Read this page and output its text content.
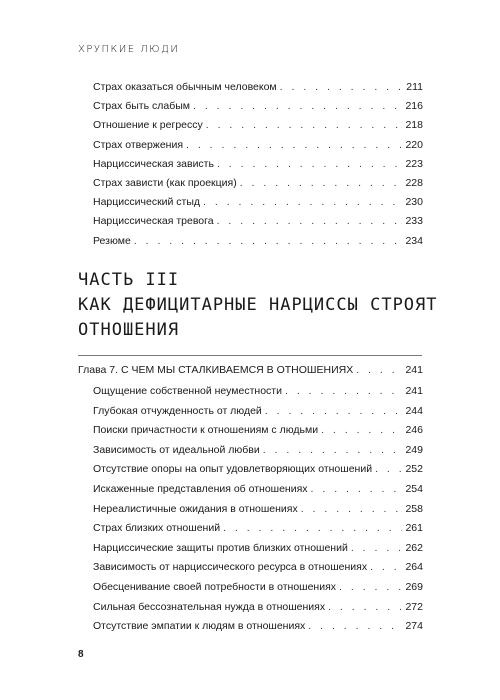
ХРУПКИЕ ЛЮДИ
Страх оказаться обычным человеком . . .	211
Страх быть слабым . . .	216
Отношение к регрессу . . .	218
Страх отвержения . . .	220
Нарциссическая зависть . . .	223
Страх зависти (как проекция) . . .	228
Нарциссический стыд . . .	230
Нарциссическая тревога . . .	233
Резюме . . .	234
ЧАСТЬ III
КАК ДЕФИЦИТАРНЫЕ НАРЦИССЫ СТРОЯТ
ОТНОШЕНИЯ
Глава 7. С ЧЕМ МЫ СТАЛКИВАЕМСЯ В ОТНОШЕНИЯХ . . .	241
Ощущение собственной неуместности . . .	241
Глубокая отчужденность от людей . . .	244
Поиски причастности к отношениям с людьми . . .	246
Зависимость от идеальной любви . . .	249
Отсутствие опоры на опыт удовлетворяющих отношений . . .	252
Искаженные представления об отношениях . . .	254
Нереалистичные ожидания в отношениях . . .	258
Страх близких отношений . . .	261
Нарциссические защиты против близких отношений . . .	262
Зависимость от нарциссического ресурса в отношениях . . .	264
Обесценивание своей потребности в отношениях . . .	269
Сильная бессознательная нужда в отношениях . . .	272
Отсутствие эмпатии к людям в отношениях . . .	274
8
